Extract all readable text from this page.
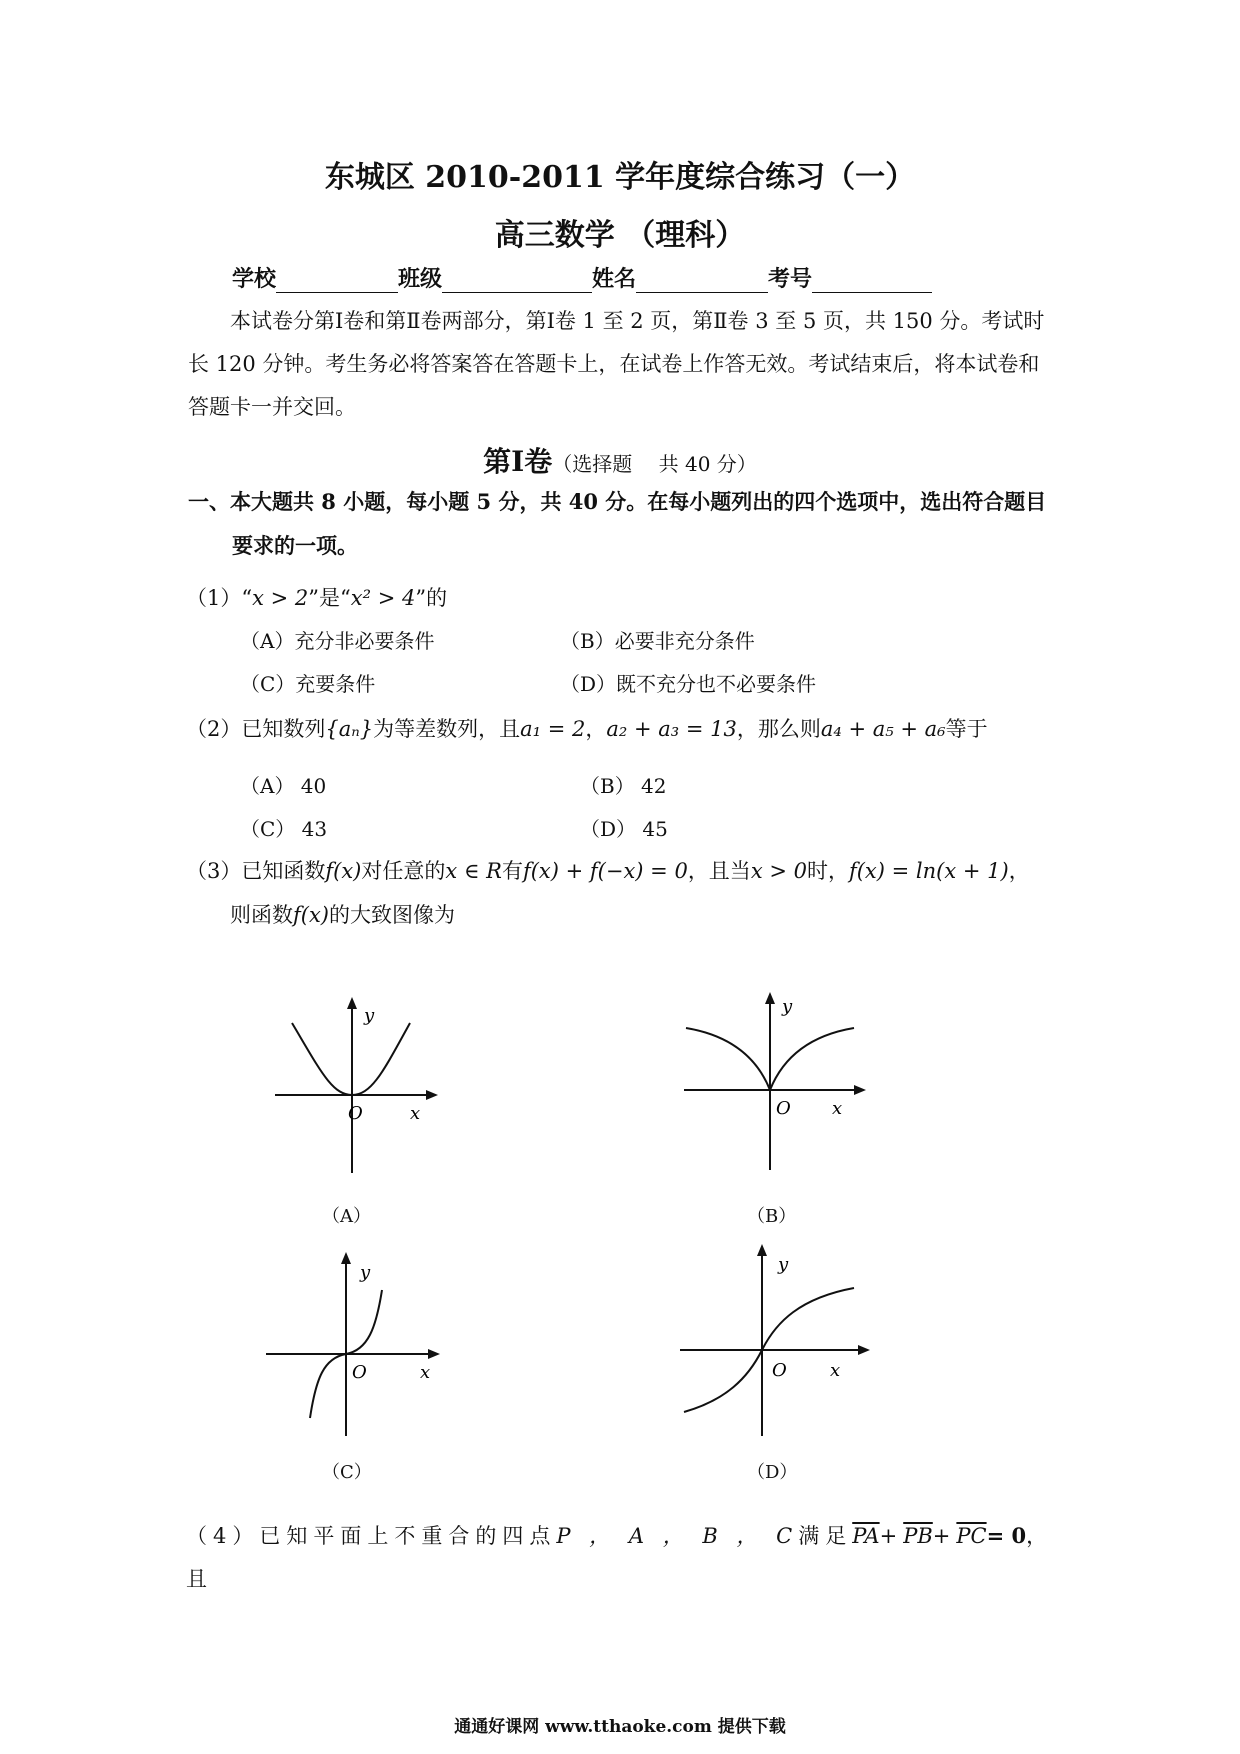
东城区 2010-2011 学年度综合练习（一）
高三数学 （理科）
学校	班级	姓名	考号
本试卷分第Ⅰ卷和第Ⅱ卷两部分，第Ⅰ卷 1 至 2 页，第Ⅱ卷 3 至 5 页，共 150 分。考试时长 120 分钟。考生务必将答案答在答题卡上，在试卷上作答无效。考试结束后，将本试卷和答题卡一并交回。
第Ⅰ卷（选择题　 共 40 分）
一、本大题共 8 小题，每小题 5 分，共 40 分。在每小题列出的四个选项中，选出符合题目
要求的一项。
（1）“x > 2”是“x² > 4”的
（A）充分非必要条件	（B）必要非充分条件
（C）充要条件	（D）既不充分也不必要条件
（2）已知数列{aₙ}为等差数列，且a₁ = 2，a₂ + a₃ = 13，那么则a₄ + a₅ + a₆等于
（A） 40	（B） 42
（C） 43	（D） 45
（3）已知函数f(x)对任意的x ∈ R有f(x) + f(−x) = 0，且当x > 0时，f(x) = ln(x + 1)，
则函数f(x)的大致图像为
y
O	x
（A）
y
O x
（B）
y
O	x
（C）
y
O x
（D）
（4）已知平面上不重合的四点P ， A ， B ， C满足$\overline{PA}+\overline{PB}+\overline{PC}= 0$，且
通通好课网 www.tthaoke.com 提供下载
